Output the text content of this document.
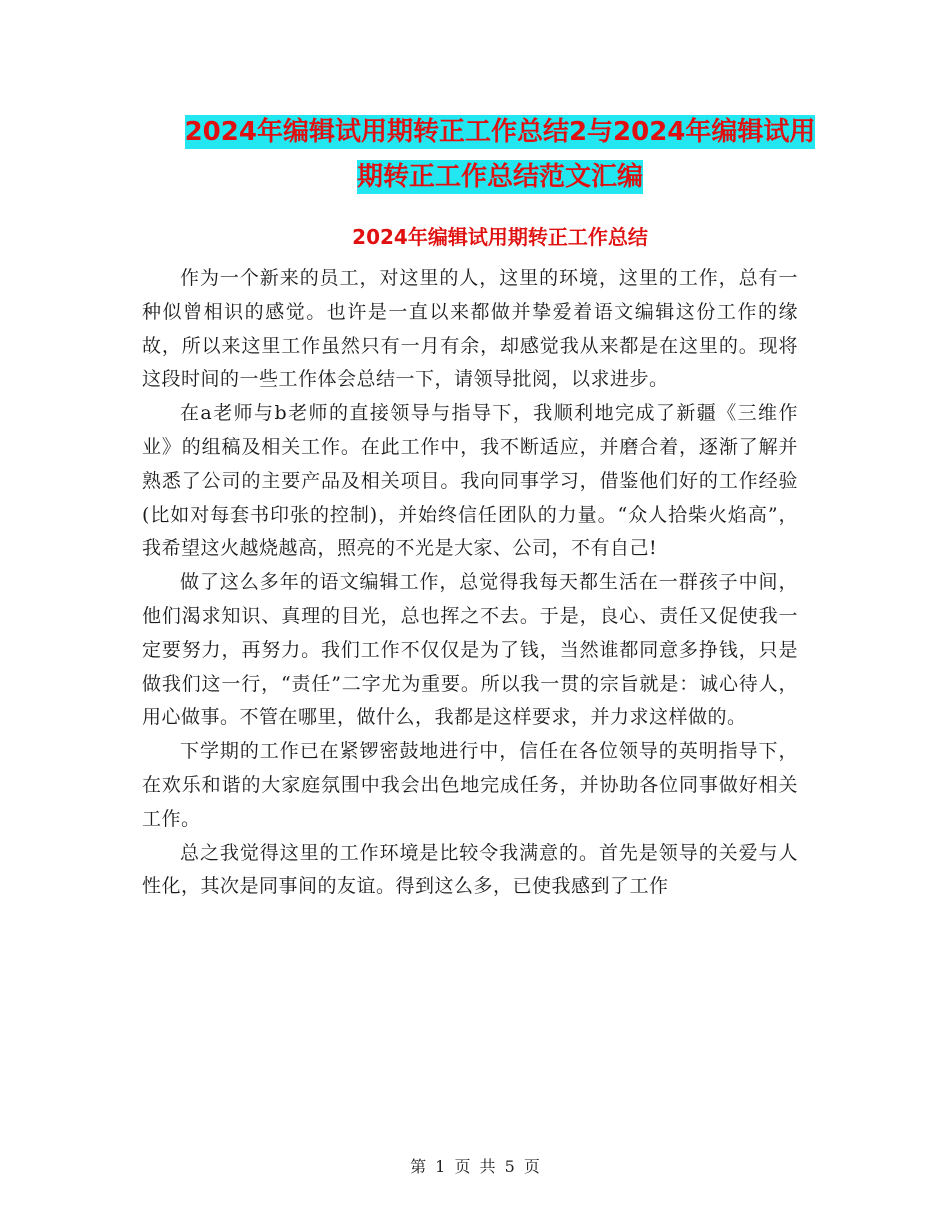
2024年编辑试用期转正工作总结2与2024年编辑试用
期转正工作总结范文汇编
2024年编辑试用期转正工作总结

作为一个新来的员工，对这里的人，这里的环境，这里的工作，总有一种似曾相识的感觉。也许是一直以来都做并挚爱着语文编辑这份工作的缘故，所以来这里工作虽然只有一月有余，却感觉我从来都是在这里的。现将这段时间的一些工作体会总结一下，请领导批阅，以求进步。

在a老师与b老师的直接领导与指导下，我顺利地完成了新疆《三维作业》的组稿及相关工作。在此工作中，我不断适应，并磨合着，逐渐了解并熟悉了公司的主要产品及相关项目。我向同事学习，借鉴他们好的工作经验(比如对每套书印张的控制)，并始终信任团队的力量。“众人拾柴火焰高”，我希望这火越烧越高，照亮的不光是大家、公司，不有自己!

做了这么多年的语文编辑工作，总觉得我每天都生活在一群孩子中间，他们渴求知识、真理的目光，总也挥之不去。于是，良心、责任又促使我一定要努力，再努力。我们工作不仅仅是为了钱，当然谁都同意多挣钱，只是做我们这一行，“责任”二字尤为重要。所以我一贯的宗旨就是：诚心待人，用心做事。不管在哪里，做什么，我都是这样要求，并力求这样做的。

下学期的工作已在紧锣密鼓地进行中，信任在各位领导的英明指导下，在欢乐和谐的大家庭氛围中我会出色地完成任务，并协助各位同事做好相关工作。

总之我觉得这里的工作环境是比较令我满意的。首先是领导的关爱与人性化，其次是同事间的友谊。得到这么多，已使我感到了工作

第 1 页 共 5 页
